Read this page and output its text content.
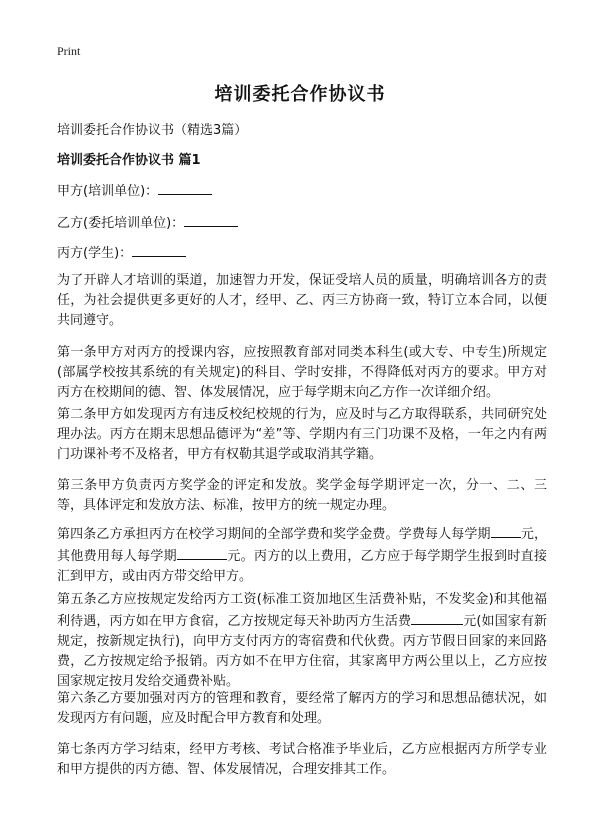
Print
培训委托合作协议书
培训委托合作协议书（精选3篇）
培训委托合作协议书 篇1
甲方(培训单位)：
乙方(委托培训单位)：
丙方(学生)：
为了开辟人才培训的渠道，加速智力开发，保证受培人员的质量，明确培训各方的责任，为社会提供更多更好的人才，经甲、乙、丙三方协商一致，特订立本合同，以便共同遵守。
第一条甲方对丙方的授课内容，应按照教育部对同类本科生(或大专、中专生)所规定(部属学校按其系统的有关规定)的科目、学时安排，不得降低对丙方的要求。甲方对丙方在校期间的德、智、体发展情况，应于每学期末向乙方作一次详细介绍。
第二条甲方如发现丙方有违反校纪校规的行为，应及时与乙方取得联系，共同研究处理办法。丙方在期末思想品德评为“差”等、学期内有三门功课不及格，一年之内有两门功课补考不及格者，甲方有权勒其退学或取消其学籍。
第三条甲方负责丙方奖学金的评定和发放。奖学金每学期评定一次，分一、二、三等，具体评定和发放方法、标准，按甲方的统一规定办理。
第四条乙方承担丙方在校学习期间的全部学费和奖学金费。学费每人每学期 元，其他费用每人每学期	元。丙方的以上费用，乙方应于每学期学生报到时直接汇到甲方，或由丙方带交给甲方。
第五条乙方应按规定发给丙方工资(标准工资加地区生活费补贴，不发奖金)和其他福利待遇，丙方如在甲方食宿，乙方按规定每天补助丙方生活费	元(如国家有新规定，按新规定执行)，向甲方支付丙方的寄宿费和代伙费。丙方节假日回家的来回路费，乙方按规定给予报销。丙方如不在甲方住宿，其家离甲方两公里以上，乙方应按国家规定按月发给交通费补贴。
第六条乙方要加强对丙方的管理和教育，要经常了解丙方的学习和思想品德状况，如发现丙方有问题，应及时配合甲方教育和处理。
第七条丙方学习结束，经甲方考核、考试合格准予毕业后，乙方应根据丙方所学专业和甲方提供的丙方德、智、体发展情况，合理安排其工作。
